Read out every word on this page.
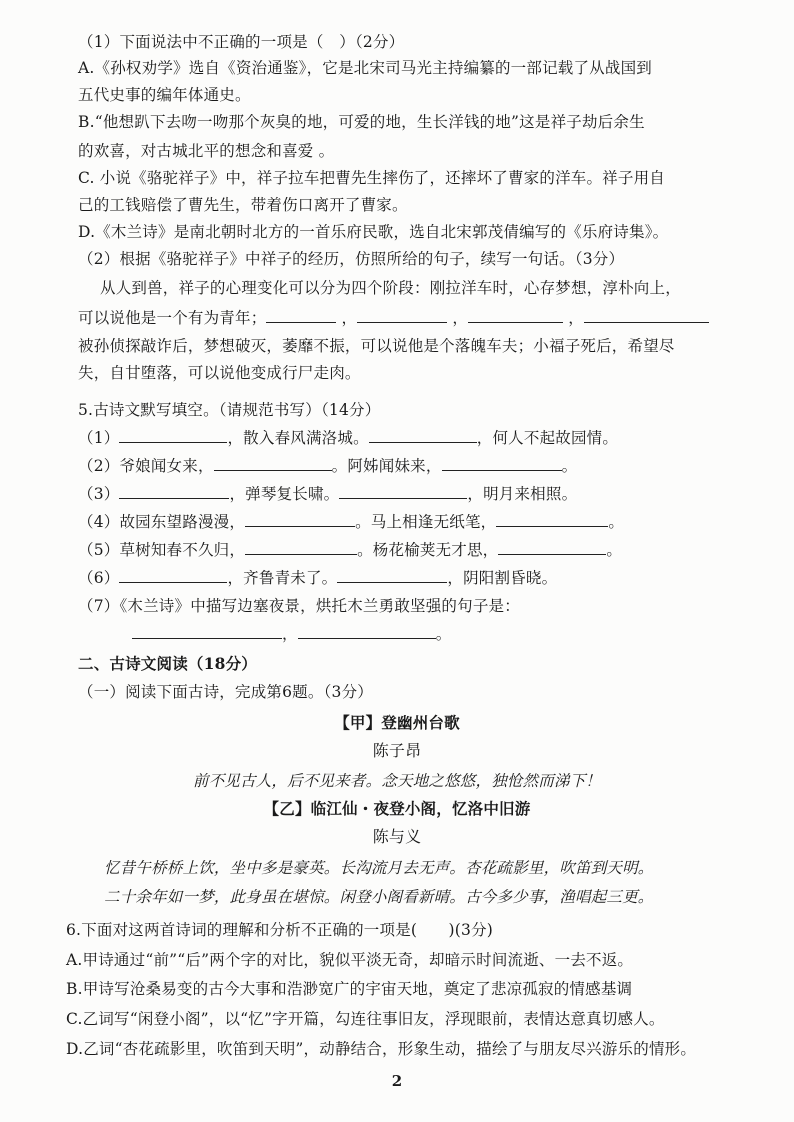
（1）下面说法中不正确的一项是（　）（2分）
A.《孙权劝学》选自《资治通鉴》，它是北宋司马光主持编纂的一部记载了从战国到
五代史事的编年体通史。
B.“他想趴下去吻一吻那个灰臭的地，可爱的地，生长洋钱的地”这是祥子劫后余生
的欢喜，对古城北平的想念和喜爱 。
C. 小说《骆驼祥子》中，祥子拉车把曹先生摔伤了，还摔坏了曹家的洋车。祥子用自
己的工钱赔偿了曹先生，带着伤口离开了曹家。
D.《木兰诗》是南北朝时北方的一首乐府民歌，选自北宋郭茂倩编写的《乐府诗集》。
（2）根据《骆驼祥子》中祥子的经历，仿照所给的句子，续写一句话。（3分）
从人到兽，祥子的心理变化可以分为四个阶段：刚拉洋车时，心存梦想，淳朴向上，
可以说他是一个有为青年；	，	，	，
被孙侦探敲诈后，梦想破灭，萎靡不振，可以说他是个落魄车夫；小福子死后，希望尽
失，自甘堕落，可以说他变成行尸走肉。
5.古诗文默写填空。（请规范书写）（14分）
（1）	，散入春风满洛城。	，何人不起故园情。
（2）爷娘闻女来，	。阿姊闻妹来，	。
（3）	，弹琴复长啸。	，明月来相照。
（4）故园东望路漫漫，	。马上相逢无纸笔，	。
（5）草树知春不久归，	。杨花榆荚无才思，	。
（6）	，齐鲁青未了。	，阴阳割昏晓。
（7）《木兰诗》中描写边塞夜景，烘托木兰勇敢坚强的句子是：
，	。
二、古诗文阅读（18分）
（一）阅读下面古诗，完成第6题。（3分）
【甲】登幽州台歌
陈子昂
前不见古人，后不见来者。念天地之悠悠，独怆然而涕下！
【乙】临江仙・夜登小阁，忆洛中旧游
陈与义
忆昔午桥桥上饮，坐中多是豪英。长沟流月去无声。杏花疏影里，吹笛到天明。
二十余年如一梦，此身虽在堪惊。闲登小阁看新晴。古今多少事，渔唱起三更。
6.下面对这两首诗词的理解和分析不正确的一项是(　　)(3分)
A.甲诗通过“前”“后”两个字的对比，貌似平淡无奇，却暗示时间流逝、一去不返。
B.甲诗写沧桑易变的古今大事和浩渺宽广的宇宙天地，奠定了悲凉孤寂的情感基调
C.乙词写“闲登小阁”，以“忆”字开篇，勾连往事旧友，浮现眼前，表情达意真切感人。
D.乙词“杏花疏影里，吹笛到天明”，动静结合，形象生动，描绘了与朋友尽兴游乐的情形。
2
